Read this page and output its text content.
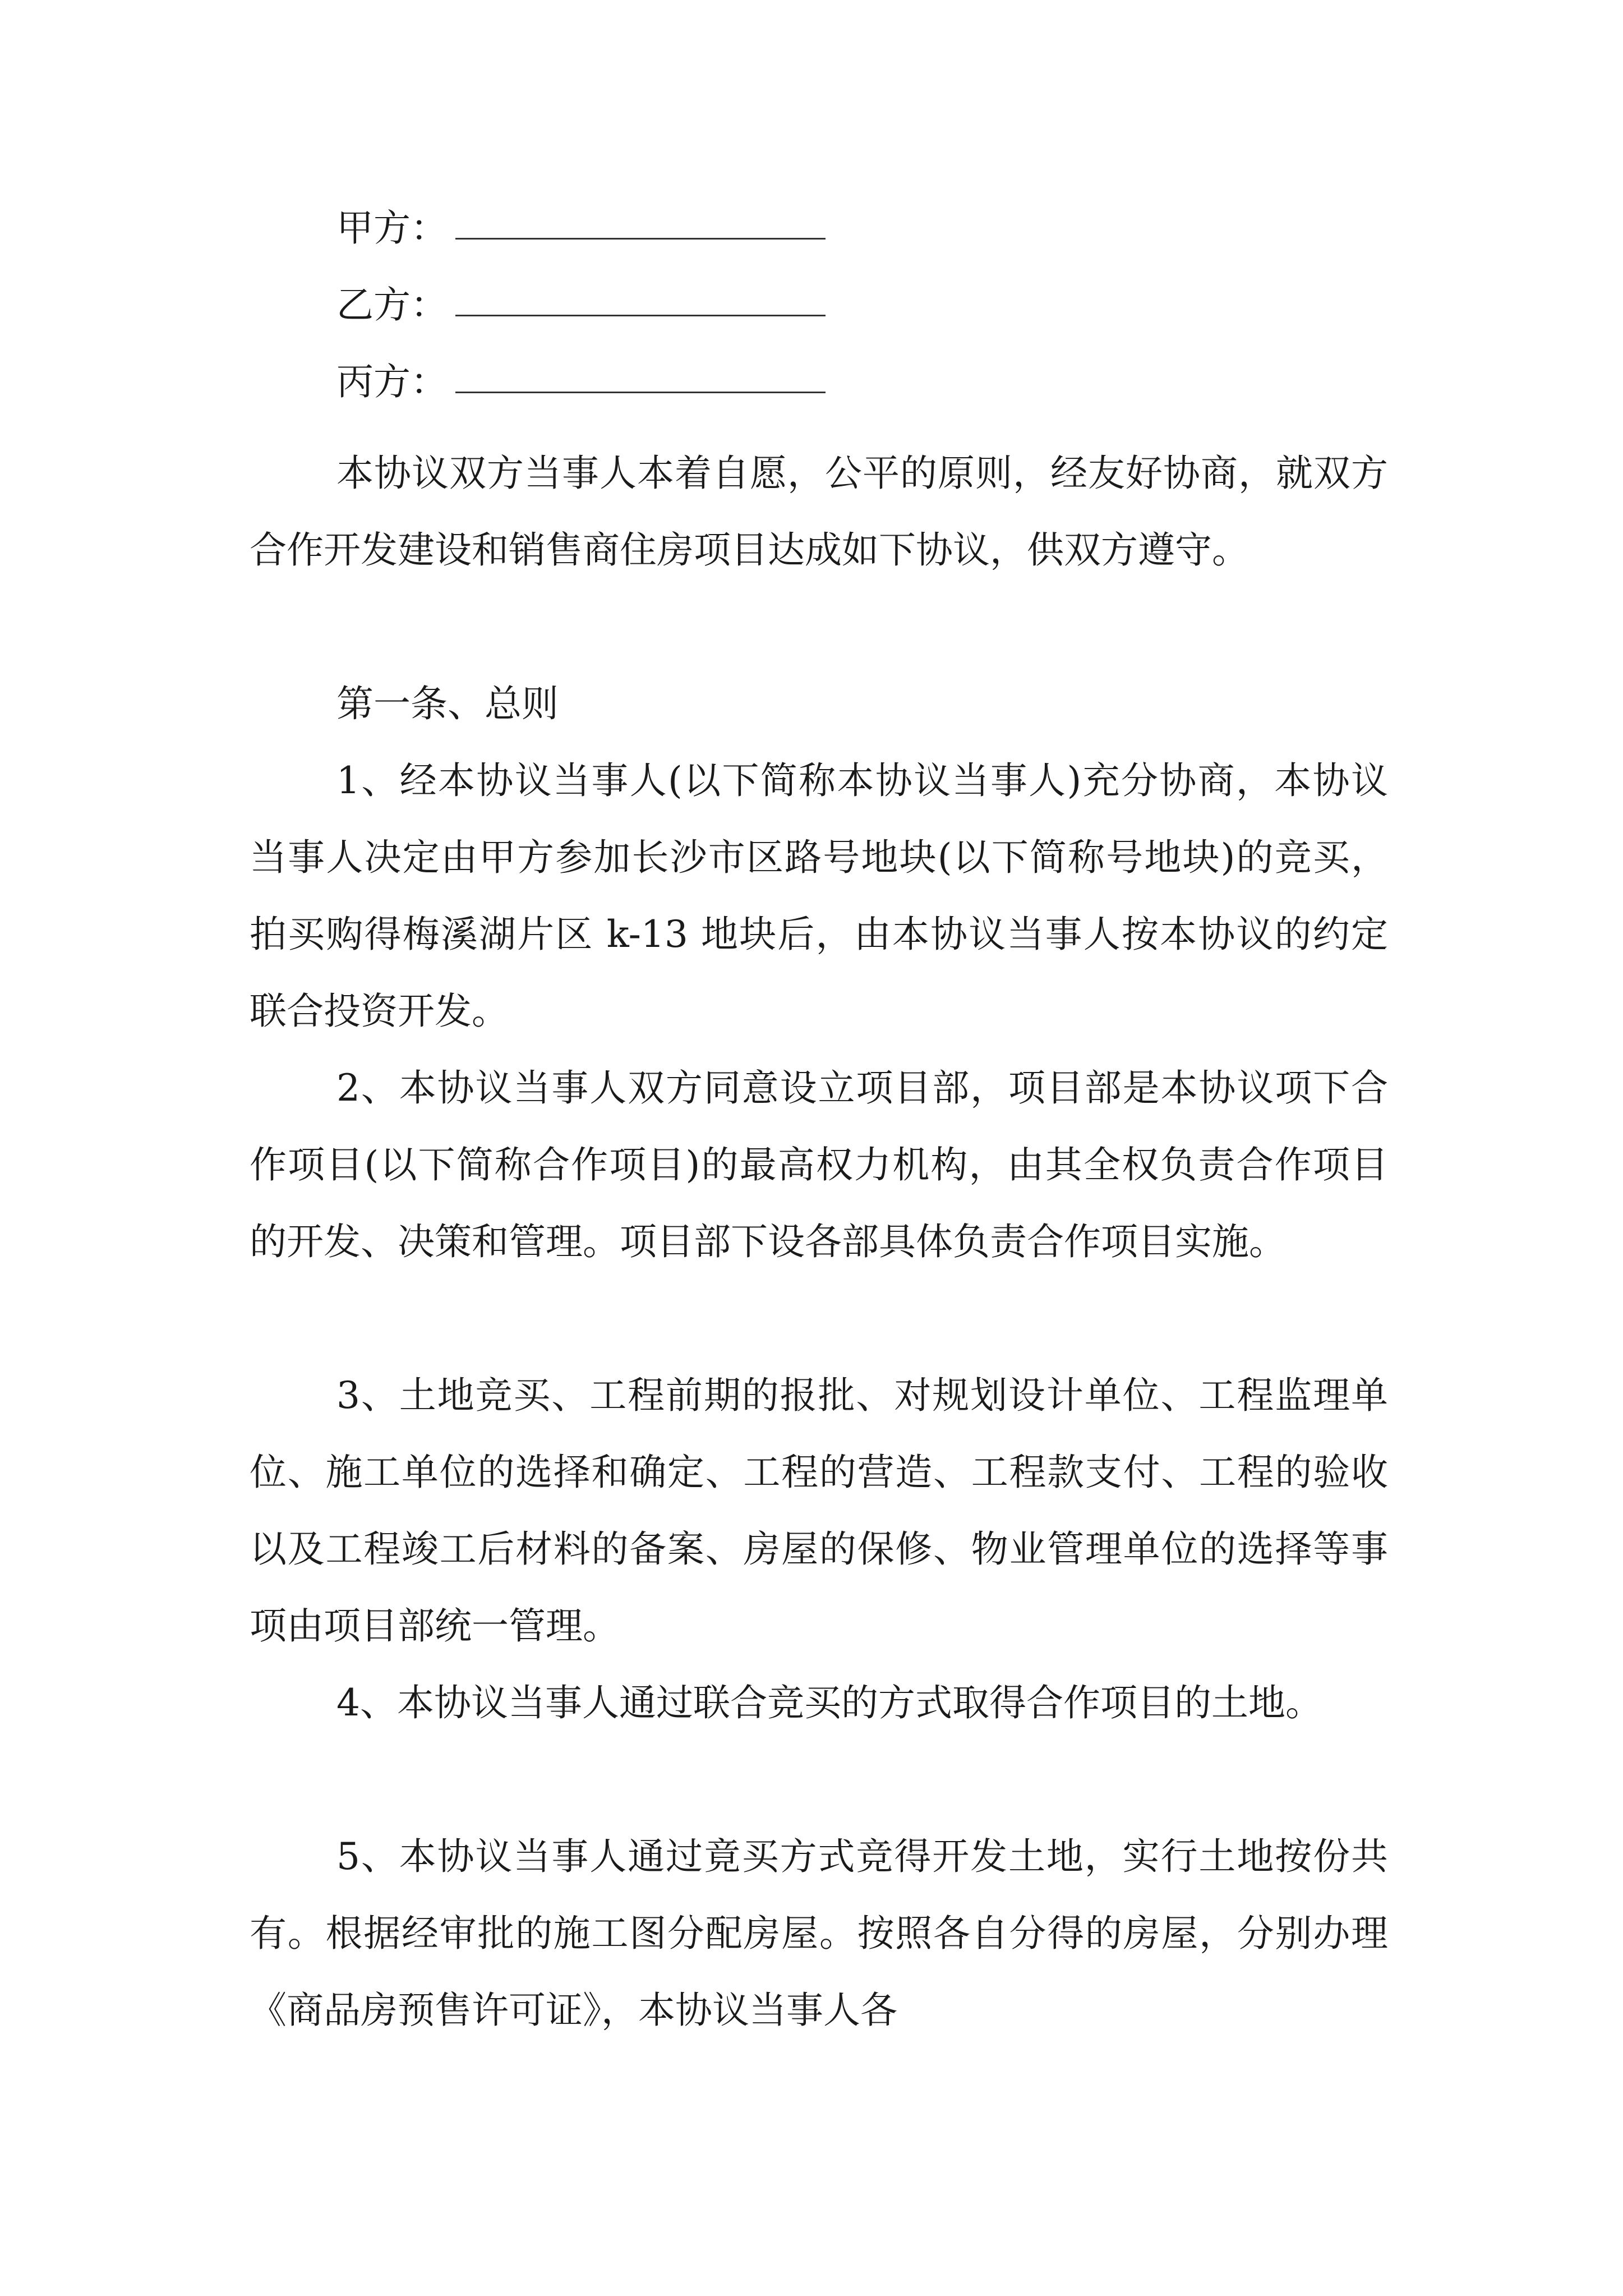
甲方：
乙方：
丙方：

本协议双方当事人本着自愿，公平的原则，经友好协商，就双方合作开发建设和销售商住房项目达成如下协议，供双方遵守。

第一条、总则

1、经本协议当事人(以下简称本协议当事人)充分协商，本协议当事人决定由甲方参加长沙市区路号地块(以下简称号地块)的竞买，拍买购得梅溪湖片区 k-13 地块后，由本协议当事人按本协议的约定联合投资开发。

2、本协议当事人双方同意设立项目部，项目部是本协议项下合作项目(以下简称合作项目)的最高权力机构，由其全权负责合作项目的开发、决策和管理。项目部下设各部具体负责合作项目实施。

3、土地竞买、工程前期的报批、对规划设计单位、工程监理单位、施工单位的选择和确定、工程的营造、工程款支付、工程的验收以及工程竣工后材料的备案、房屋的保修、物业管理单位的选择等事项由项目部统一管理。

4、本协议当事人通过联合竞买的方式取得合作项目的土地。

5、本协议当事人通过竟买方式竞得开发土地，实行土地按份共有。根据经审批的施工图分配房屋。按照各自分得的房屋，分别办理《商品房预售许可证》，本协议当事人各
